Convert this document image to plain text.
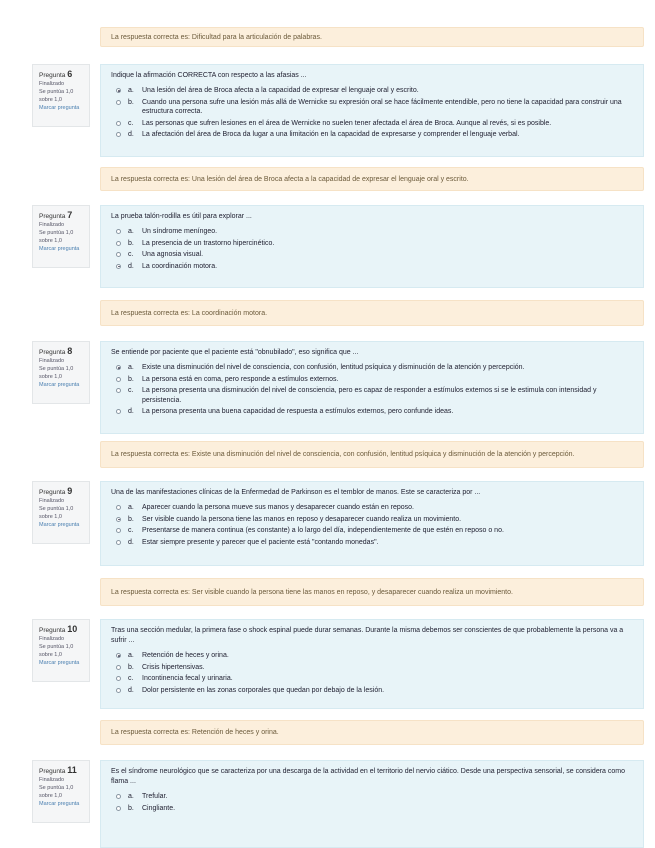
La respuesta correcta es: Dificultad para la articulación de palabras.
Pregunta 6
Finalizado
Se puntúa 1,0 sobre 1,0
Marcar pregunta
Indique la afirmación CORRECTA con respecto a las afasias ...
a.	Una lesión del área de Broca afecta a la capacidad de expresar el lenguaje oral y escrito.
b.	Cuando una persona sufre una lesión más allá de Wernicke su expresión oral se hace fácilmente entendible, pero no tiene la capacidad para construir una estructura correcta.
c.	Las personas que sufren lesiones en el área de Wernicke no suelen tener afectada el área de Broca. Aunque al revés, si es posible.
d.	La afectación del área de Broca da lugar a una limitación en la capacidad de expresarse y comprender el lenguaje verbal.
La respuesta correcta es: Una lesión del área de Broca afecta a la capacidad de expresar el lenguaje oral y escrito.
Pregunta 7
Finalizado
Se puntúa 1,0 sobre 1,0
Marcar pregunta
La prueba talón-rodilla es útil para explorar ...
a.	Un síndrome meníngeo.
b.	La presencia de un trastorno hipercinético.
c.	Una agnosia visual.
d.	La coordinación motora.
La respuesta correcta es: La coordinación motora.
Pregunta 8
Finalizado
Se puntúa 1,0 sobre 1,0
Marcar pregunta
Se entiende por paciente que el paciente está "obnubilado", eso significa que ...
a.	Existe una disminución del nivel de consciencia, con confusión, lentitud psíquica y disminución de la atención y percepción.
b.	La persona está en coma, pero responde a estímulos externos.
c.	La persona presenta una disminución del nivel de consciencia, pero es capaz de responder a estímulos externos si se le estimula con intensidad y persistencia.
d.	La persona presenta una buena capacidad de respuesta a estímulos externos, pero confunde ideas.
La respuesta correcta es: Existe una disminución del nivel de consciencia, con confusión, lentitud psíquica y disminución de la atención y percepción.
Pregunta 9
Finalizado
Se puntúa 1,0 sobre 1,0
Marcar pregunta
Una de las manifestaciones clínicas de la Enfermedad de Parkinson es el temblor de manos. Este se caracteriza por ...
a.	Aparecer cuando la persona mueve sus manos y desaparecer cuando están en reposo.
b.	Ser visible cuando la persona tiene las manos en reposo y desaparecer cuando realiza un movimiento.
c.	Presentarse de manera continua (es constante) a lo largo del día, independientemente de que estén en reposo o no.
d.	Estar siempre presente y parecer que el paciente está "contando monedas".
La respuesta correcta es: Ser visible cuando la persona tiene las manos en reposo, y desaparecer cuando realiza un movimiento.
Pregunta 10
Finalizado
Se puntúa 1,0 sobre 1,0
Marcar pregunta
Tras una sección medular, la primera fase o shock espinal puede durar semanas. Durante la misma debemos ser conscientes de que probablemente la persona va a sufrir ...
a.	Retención de heces y orina.
b.	Crisis hipertensivas.
c.	Incontinencia fecal y urinaria.
d.	Dolor persistente en las zonas corporales que quedan por debajo de la lesión.
La respuesta correcta es: Retención de heces y orina.
Pregunta 11
Finalizado
Se puntúa 1,0 sobre 1,0
Marcar pregunta
Es el síndrome neurológico que se caracteriza por una descarga de la actividad en el territorio del nervio ciático. Desde una perspectiva sensorial, se considera como flama ...
a.	Trefular.
b.	Cingliante.
